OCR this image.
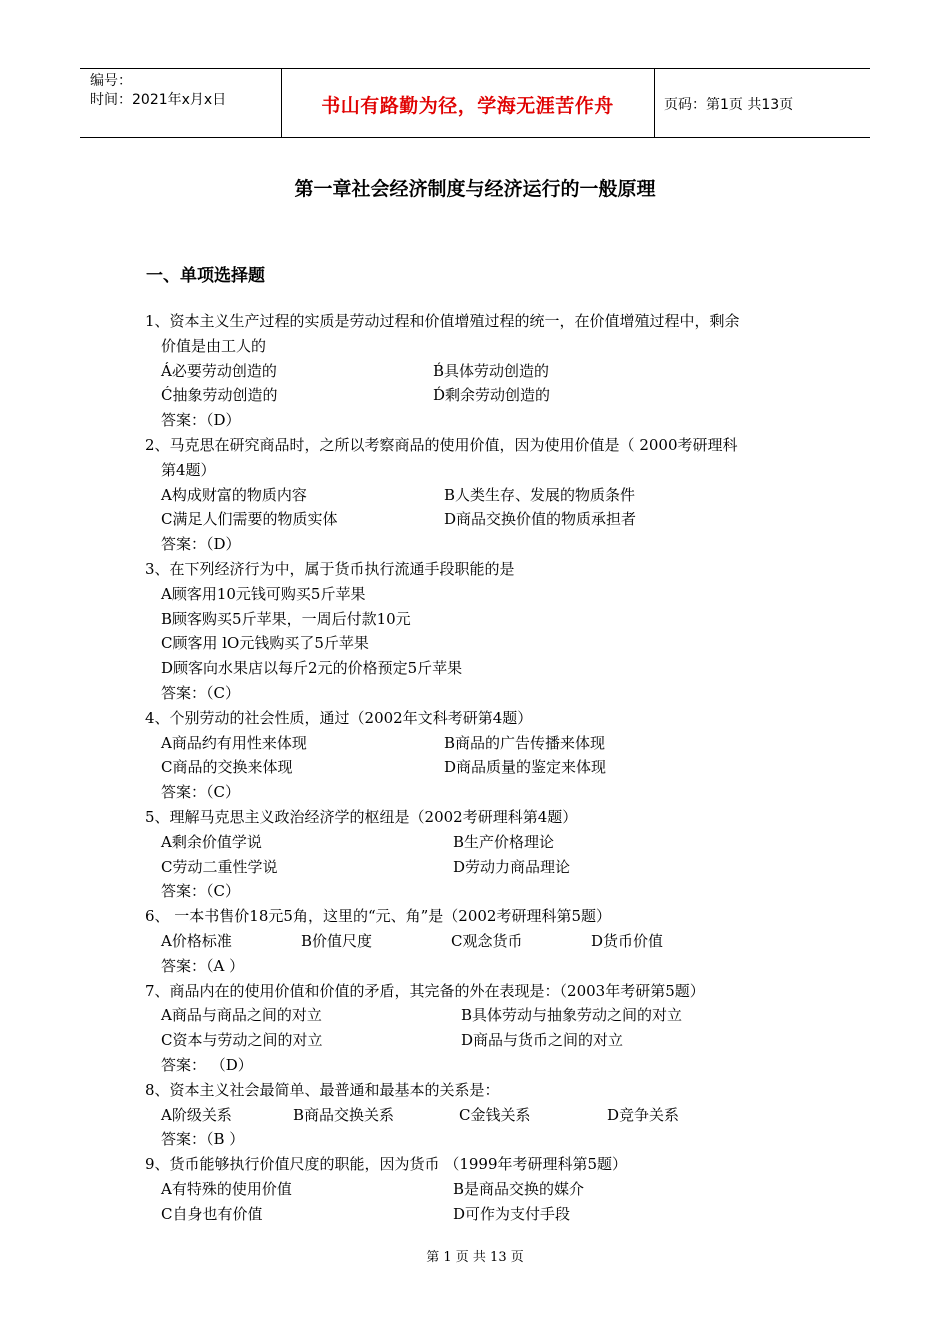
编号：
时间：2021年x月x日	书山有路勤为径，学海无涯苦作舟	页码：第1页 共13页
第一章社会经济制度与经济运行的一般原理
一、单项选择题
1、资本主义生产过程的实质是劳动过程和价值增殖过程的统一，在价值增殖过程中，剩余
价值是由工人的
Á必要劳动创造的	B́具体劳动创造的
Ć抽象劳动创造的	D́剩余劳动创造的
答案：（D）
2、马克思在研究商品时，之所以考察商品的使用价值，因为使用价值是（ 2000考研理科
第4题）
A构成财富的物质内容	B人类生存、发展的物质条件
C满足人们需要的物质实体	D商品交换价值的物质承担者
答案：（D）
3、在下列经济行为中，属于货币执行流通手段职能的是
A顾客用10元钱可购买5斤苹果
B顾客购买5斤苹果，一周后付款10元
C顾客用 lO元钱购买了5斤苹果
D顾客向水果店以每斤2元的价格预定5斤苹果
答案：（C）
4、个别劳动的社会性质，通过（2002年文科考研第4题）
A商品约有用性来体现	B商品的广告传播来体现
C商品的交换来体现	D商品质量的鉴定来体现
答案：（C）
5、理解马克思主义政治经济学的枢纽是（2002考研理科第4题）
A剩余价值学说	B生产价格理论
C劳动二重性学说	D劳动力商品理论
答案：（C）
6、 一本书售价18元5角，这里的“元、角”是（2002考研理科第5题）
A价格标准	B价值尺度	C观念货币	D货币价值
答案：（A ）
7、商品内在的使用价值和价值的矛盾，其完备的外在表现是：（2003年考研第5题）
A商品与商品之间的对立	B具体劳动与抽象劳动之间的对立
C资本与劳动之间的对立	D商品与货币之间的对立
答案： （D）
8、资本主义社会最简单、最普通和最基本的关系是：
A阶级关系	B商品交换关系	C金钱关系	D竞争关系
答案：（B ）
9、货币能够执行价值尺度的职能，因为货币 （1999年考研理科第5题）
A有特殊的使用价值	B是商品交换的媒介
C自身也有价值	D可作为支付手段
第 1 页 共 13 页
